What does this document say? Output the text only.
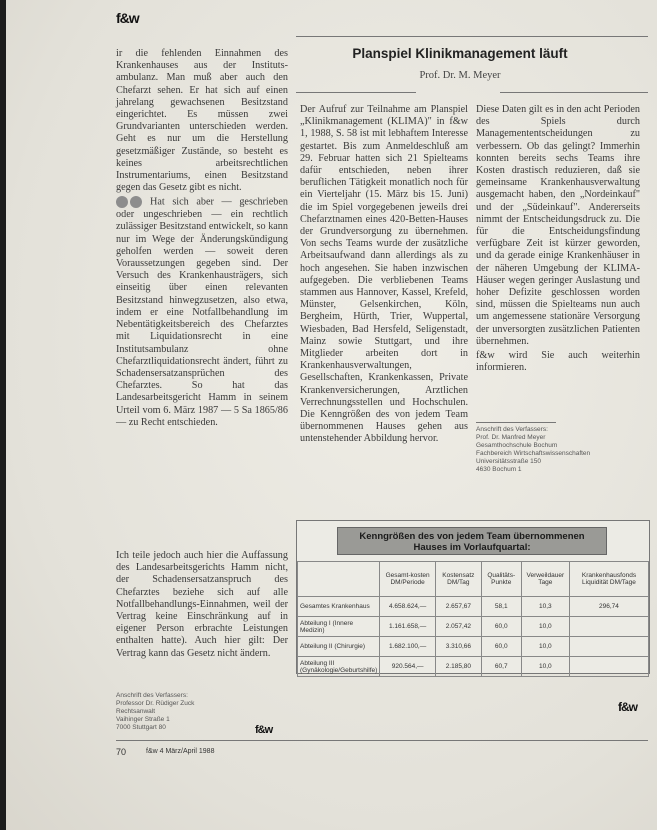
f&w

ir die fehlenden Einnahmen des Krankenhauses aus der Instituts-ambulanz. Man muß aber auch den Chefarzt sehen. Er hat sich auf einen jahrelang gewachsenen Besitzstand eingerichtet. Es müssen zwei Grundvarianten unterschieden werden. Geht es nur um die Herstellung gesetzmäßiger Zustände, so besteht es keines arbeitsrechtlichen Instrumentariums, einen Besitzstand gegen das Gesetz gibt es nicht.

Hat sich aber — geschrieben oder ungeschrieben — ein rechtlich zulässiger Besitzstand entwickelt, so kann nur im Wege der Änderungskündigung geholfen werden — soweit deren Voraussetzungen gegeben sind. Der Versuch des Krankenhausträgers, sich einseitig über einen relevanten Besitzstand hinwegzusetzen, also etwa, indem er eine Notfallbehandlung im Nebentätigkeitsbereich des Chefarztes mit Liquidationsrecht in eine Institutsambulanz ohne Chefarztliquidationsrecht ändert, führt zu Schadensersatzansprüchen des Chefarztes. So hat das Landesarbeitsgericht Hamm in seinem Urteil vom 6. März 1987 — 5 Sa 1865/86 — zu Recht entschieden.

Ich teile jedoch auch hier die Auffassung des Landesarbeitsgerichts Hamm nicht, der Schadensersatzanspruch des Chefarztes beziehe sich auf alle Notfallbehandlungs-Einnahmen, weil der Vertrag keine Einschränkung auf in eigener Person erbrachte Leistungen enthalten hatte). Auch hier gilt: Der Vertrag kann das Gesetz nicht ändern.

Anschrift des Verfassers:
Professor Dr. Rüdiger Zuck
Rechtsanwalt
Vaihinger Straße 1
7000 Stuttgart 80	f&w
Planspiel Klinikmanagement läuft
Prof. Dr. M. Meyer

Der Aufruf zur Teilnahme am Planspiel „Klinikmanagement (KLIMA)" in f&w 1, 1988, S. 58 ist mit lebhaftem Interesse gestartet. Bis zum Anmeldeschluß am 29. Februar hatten sich 21 Spielteams dafür entschieden, neben ihrer beruflichen Tätigkeit monatlich noch für ein Vierteljahr (15. März bis 15. Juni) die im Spiel vorgegebenen jeweils drei Chefarztnamen eines 420-Betten-Hauses der Grundversorgung zu übernehmen. Von sechs Teams wurde der zusätzliche Arbeitsaufwand dann allerdings als zu hoch angesehen. Sie haben inzwischen aufgegeben. Die verbliebenen Teams stammen aus Hannover, Kassel, Krefeld, Münster, Gelsenkirchen, Köln, Bergheim, Hürth, Trier, Wuppertal, Wiesbaden, Bad Hersfeld, Seligenstadt, Mainz sowie Stuttgart, und ihre Mitglieder arbeiten dort in Krankenhausverwaltungen, Gesellschaften, Krankenkassen, Private Krankenversicherungen, Arztlichen Verrechnungsstellen und Hochschulen. Die Kenngrößen des von jedem Team übernommenen Hauses gehen aus untenstehender Abbildung hervor.

Diese Daten gilt es in den acht Perioden des Spiels durch Managemententscheidungen zu verbessern. Ob das gelingt? Immerhin konnten bereits sechs Teams ihre Kosten drastisch reduzieren, daß sie gemeinsame Krankenhausverwaltung ausgemacht haben, den „Nordeinkauf" und der „Südeinkauf". Andererseits nimmt der Entscheidungsdruck zu. Die für die Entscheidungsfindung verfügbare Zeit ist kürzer geworden, und da gerade einige Krankenhäuser in der näheren Umgebung der KLIMA-Häuser wegen geringer Auslastung und hoher Defizite geschlossen worden sind, müssen die Spielteams nun auch um angemessene stationäre Versorgung der unversorgten zusätzlichen Patienten übernehmen.

f&w wird Sie auch weiterhin informieren.

Anschrift des Verfassers:
Prof. Dr. Manfred Meyer
Gesamthochschule Bochum
Fachbereich Wirtschaftswissenschaften
Universitätsstraße 150
4630 Bochum 1
Kenngrößen des von jedem Team übernommenen
Hauses im Vorlaufquartal:
	Gesamt-kosten DM/Periode	Kostensatz DM/Tag	Qualitäts-Punkte	Verweildauer Tage	Krankenhausfonds Liquidität DM/Tage
Gesamtes Krankenhaus	4.658.624,—	2.657,67	58,1	10,3	296,74
Abteilung I (Innere Medizin)	1.161.658,—	2.057,42	60,0	10,0	
Abteilung II (Chirurgie)	1.682.100,—	3.310,66	60,0	10,0	
Abteilung III (Gynäkologie/Geburtshilfe)	920.564,—	2.185,80	60,7	10,0	
f&w
70	f&w 4 März/April 1988
